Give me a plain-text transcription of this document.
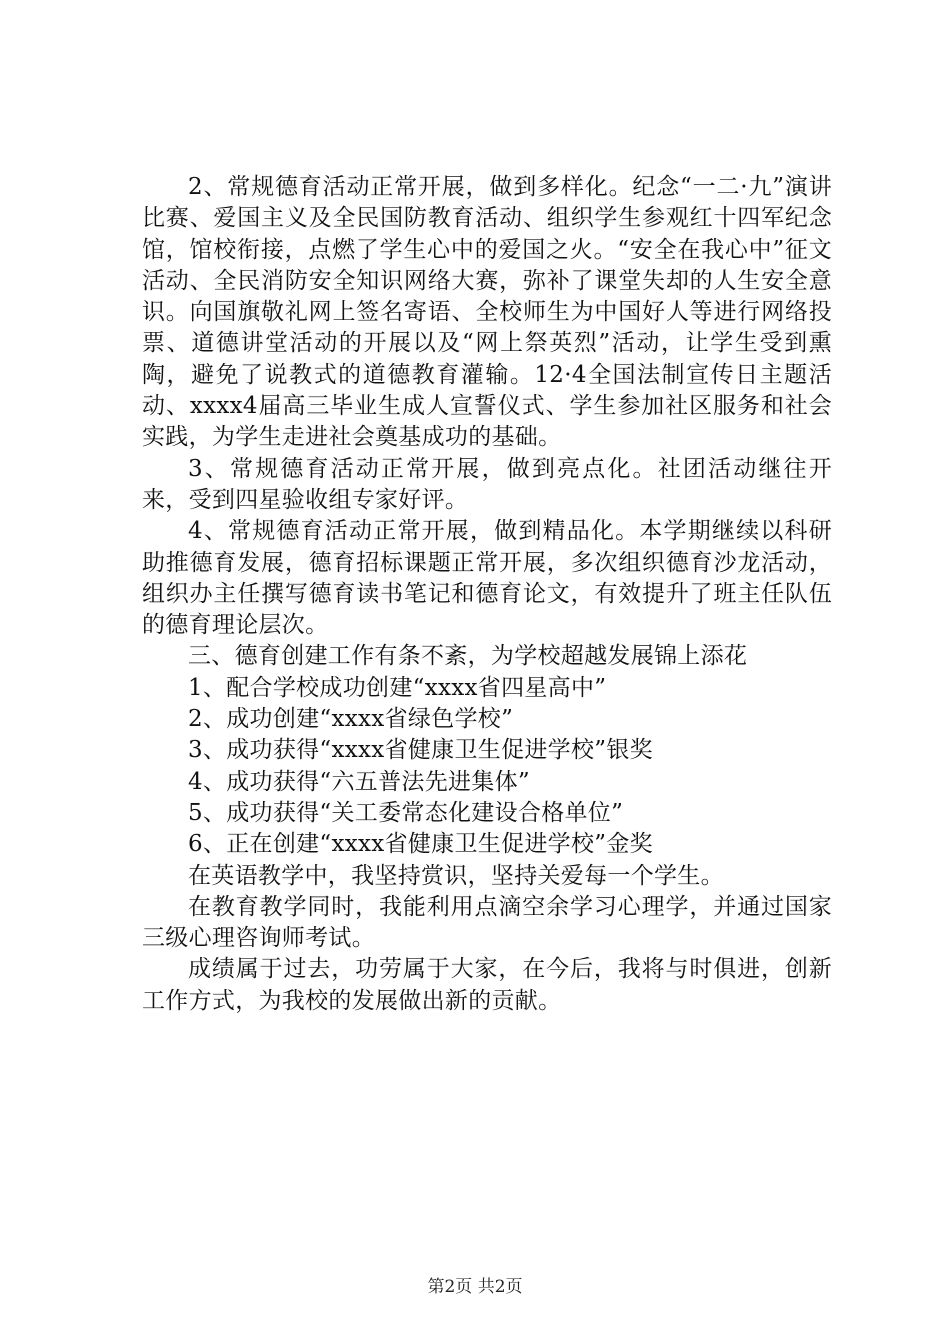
2、常规德育活动正常开展，做到多样化。纪念“一二·九”演讲比赛、爱国主义及全民国防教育活动、组织学生参观红十四军纪念馆，馆校衔接，点燃了学生心中的爱国之火。“安全在我心中”征文活动、全民消防安全知识网络大赛，弥补了课堂失却的人生安全意识。向国旗敬礼网上签名寄语、全校师生为中国好人等进行网络投票、道德讲堂活动的开展以及“网上祭英烈”活动，让学生受到熏陶，避免了说教式的道德教育灌输。12·4全国法制宣传日主题活动、xxxx4届高三毕业生成人宣誓仪式、学生参加社区服务和社会实践，为学生走进社会奠基成功的基础。

3、常规德育活动正常开展，做到亮点化。社团活动继往开来，受到四星验收组专家好评。

4、常规德育活动正常开展，做到精品化。本学期继续以科研助推德育发展，德育招标课题正常开展，多次组织德育沙龙活动，组织办主任撰写德育读书笔记和德育论文，有效提升了班主任队伍的德育理论层次。

三、德育创建工作有条不紊，为学校超越发展锦上添花

1、配合学校成功创建“xxxx省四星高中”

2、成功创建“xxxx省绿色学校”

3、成功获得“xxxx省健康卫生促进学校”银奖

4、成功获得“六五普法先进集体”

5、成功获得“关工委常态化建设合格单位”

6、正在创建“xxxx省健康卫生促进学校”金奖

在英语教学中，我坚持赏识，坚持关爱每一个学生。

在教育教学同时，我能利用点滴空余学习心理学，并通过国家三级心理咨询师考试。

成绩属于过去，功劳属于大家，在今后，我将与时俱进，创新工作方式，为我校的发展做出新的贡献。

第2页 共2页
